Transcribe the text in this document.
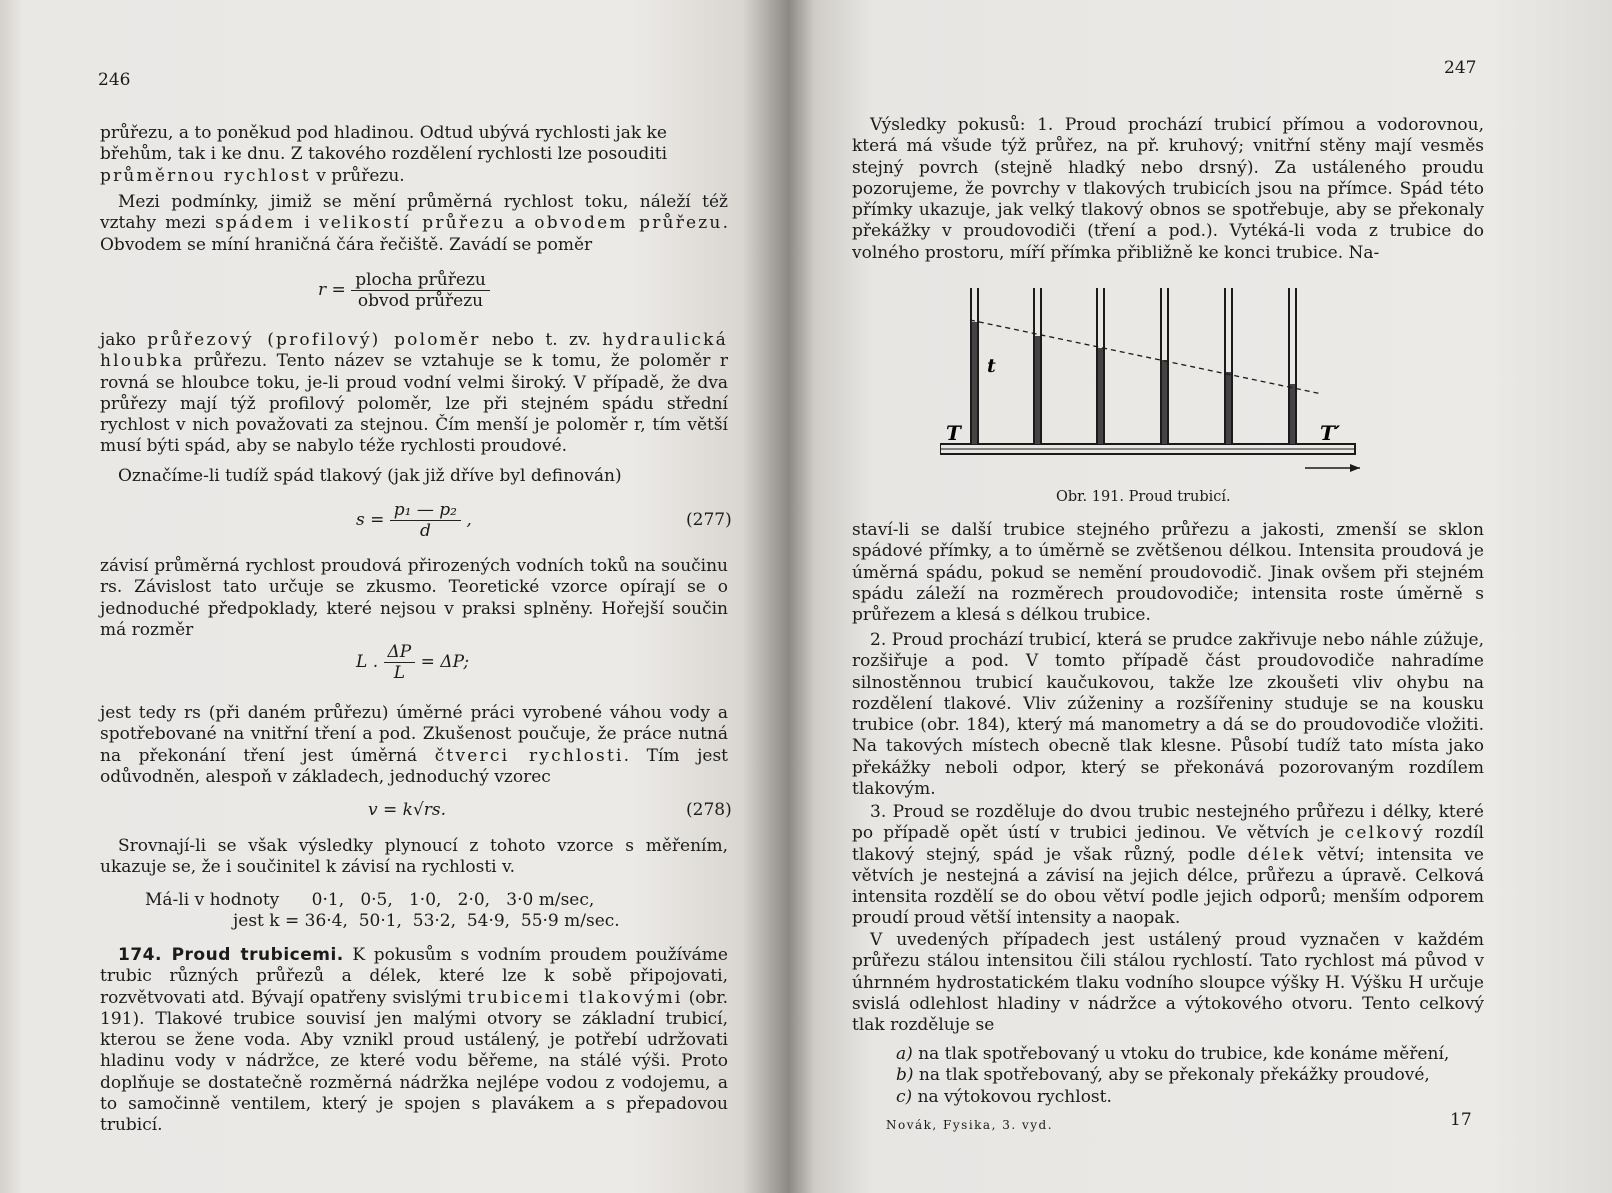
246

průřezu, a to poněkud pod hladinou. Odtud ubývá rychlosti jak ke

břehům, tak i ke dnu. Z takového rozdělení rychlosti lze posouditi

průměrnou rychlost v průřezu.

Mezi podmínky, jimiž se mění průměrná rychlost toku, náleží též vztahy mezi spádem i velikostí průřezu a obvodem průřezu. Obvodem se míní hraničná čára řečiště. Zavádí se poměr
$r = \frac{\text{plocha průřezu}}{\text{obvod průřezu}}$
jako průřezový (profilový) poloměr nebo t. zv. hydraulická hloubka průřezu. Tento název se vztahuje se k tomu, že poloměr r rovná se hloubce toku, je-li proud vodní velmi široký. V případě, že dva průřezy mají týž profilový poloměr, lze při stejném spádu střední rychlost v nich považovati za stejnou. Čím menší je poloměr r, tím větší musí býti spád, aby se nabylo téže rychlosti proudové.
Označíme-li tudíž spád tlakový (jak již dříve byl definován)
$s = \frac{\text{p₁ — p₂}}{d}$ ,	(277)
závisí průměrná rychlost proudová přirozených vodních toků na součinu rs. Závislost tato určuje se zkusmo. Teoretické vzorce opírají se o jednoduché předpoklady, které nejsou v praksi splněny. Hořejší součin má rozměr
L . $\frac{\Delta P}{L} = \Delta P$;
jest tedy rs (při daném průřezu) úměrné práci vyrobené váhou vody a spotřebované na vnitřní tření a pod. Zkušenost poučuje, že práce nutná na překonání tření jest úměrná čtverci rychlosti. Tím jest odůvodněn, alespoň v základech, jednoduchý vzorec
v = k√rs.	(278)
Srovnají-li se však výsledky plynoucí z tohoto vzorce s měřením, ukazuje se, že i součinitel k závisí na rychlosti v.
Má-li v hodnoty      0·1,   0·5,   1·0,   2·0,   3·0 m/sec,
jest k = 36·4,  50·1,  53·2,  54·9,  55·9 m/sec.
174. Proud trubicemi. K pokusům s vodním proudem používáme trubic různých průřezů a délek, které lze k sobě připojovati, rozvětvovati atd. Bývají opatřeny svislými trubicemi tlakovými (obr. 191). Tlakové trubice souvisí jen malými otvory se základní trubicí, kterou se žene voda. Aby vznikl proud ustálený, je potřebí udržovati hladinu vody v nádržce, ze které vodu běřeme, na stálé výši. Proto doplňuje se dostatečně rozměrná nádržka nejlépe vodou z vodojemu, a to samočinně ventilem, který je spojen s plavákem a s přepadovou trubicí.
247
Výsledky pokusů: 1. Proud prochází trubicí přímou a vodorovnou, která má všude týž průřez, na př. kruhový; vnitřní stěny mají vesměs stejný povrch (stejně hladký nebo drsný). Za ustáleného proudu pozorujeme, že povrchy v tlakových trubicích jsou na přímce. Spád této přímky ukazuje, jak velký tlakový obnos se spotřebuje, aby se překonaly překážky v proudovodiči (tření a pod.). Vytéká-li voda z trubice do volného prostoru, míří přímka přibližně ke konci trubice. Na-
t
T	T′
Obr. 191. Proud trubicí.
staví-li se další trubice stejného průřezu a jakosti, zmenší se sklon spádové přímky, a to úměrně se zvětšenou délkou. Intensita proudová je úměrná spádu, pokud se nemění proudovodič. Jinak ovšem při stejném spádu záleží na rozměrech proudovodiče; intensita roste úměrně s průřezem a klesá s délkou trubice.
2. Proud prochází trubicí, která se prudce zakřivuje nebo náhle zúžuje, rozšiřuje a pod. V tomto případě část proudovodiče nahradíme silnostěnnou trubicí kaučukovou, takže lze zkoušeti vliv ohybu na rozdělení tlakové. Vliv zúženiny a rozšířeniny studuje se na kousku trubice (obr. 184), který má manometry a dá se do proudovodiče vložiti. Na takových místech obecně tlak klesne. Působí tudíž tato místa jako překážky neboli odpor, který se překonává pozorovaným rozdílem tlakovým.
3. Proud se rozděluje do dvou trubic nestejného průřezu i délky, které po případě opět ústí v trubici jedinou. Ve větvích je celkový rozdíl tlakový stejný, spád je však různý, podle délek větví; intensita ve větvích je nestejná a závisí na jejich délce, průřezu a úpravě. Celková intensita rozdělí se do obou větví podle jejich odporů; menším odporem proudí proud větší intensity a naopak.
V uvedených případech jest ustálený proud vyznačen v každém průřezu stálou intensitou čili stálou rychlostí. Tato rychlost má původ v úhrnném hydrostatickém tlaku vodního sloupce výšky H. Výšku H určuje svislá odlehlost hladiny v nádržce a výtokového otvoru. Tento celkový tlak rozděluje se

a) na tlak spotřebovaný u vtoku do trubice, kde konáme měření,

b) na tlak spotřebovaný, aby se překonaly překážky proudové,

c) na výtokovou rychlost.

Novák, Fysika, 3. vyd.	17
